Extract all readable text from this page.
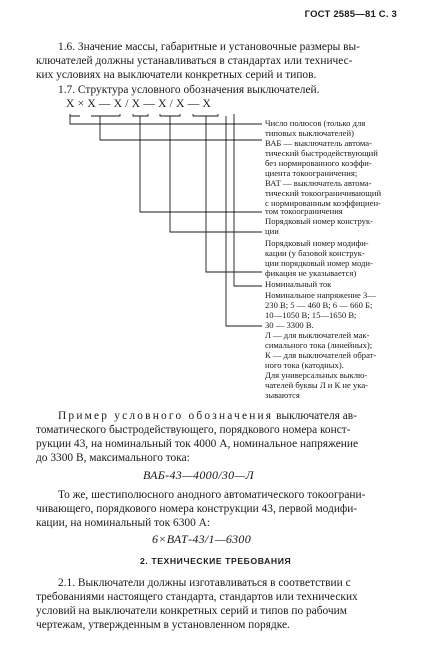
ГОСТ 2585—81 С. 3
1.6. Значение массы, габаритные и установочные размеры вы-
ключателей должны устанавливаться в стандартах или техничес-
ких условиях на выключатели конкретных серий и типов.
1.7. Структура условного обозначения выключателей.
X × X — X / X — X / X — X
Число полюсов (только для
типовых выключателей)
ВАБ — выключатель автома-
тический быстродействующий
без нормированного коэффи-
циента токоограничения;
ВАТ — выключатель автома-
тический токоограничивающий
с нормированным коэффициен-
том токоограничения
Порядковый номер конструк-
ции
Порядковый номер модифи-
кации (у базовой конструк-
ции порядковый номер моди-
фикация не указывается)
Номинальный ток
Номинальное напряжение 3—
230 В; 5 — 460 В; 6 — 660 Б;
10—1050 В; 15—1650 В;
30 — 3300 В.
Л — для выключателей мак-
симального тока (линейных);
К — для выключателей обрат-
ного тока (катодных).
Для универсальных выклю-
чателей буквы Л и К не ука-
зываются
Пример условного обозначения выключателя ав-
томатического быстродействующего, порядкового номера конст-
рукции 43, на номинальный ток 4000 А, номинальное напряжение
до 3300 В, максимального тока:
ВАБ-43—4000/30—Л
То же, шестиполюсного анодного автоматического токоограни-
чивающего, порядкового номера конструкции 43, первой модифи-
кации, на номинальный ток 6300 А:
6×ВАТ-43/1—6300
2. ТЕХНИЧЕСКИЕ ТРЕБОВАНИЯ
2.1. Выключатели должны изготавливаться в соответствии с
требованиями настоящего стандарта, стандартов или технических
условий на выключатели конкретных серий и типов по рабочим
чертежам, утвержденным в установленном порядке.
